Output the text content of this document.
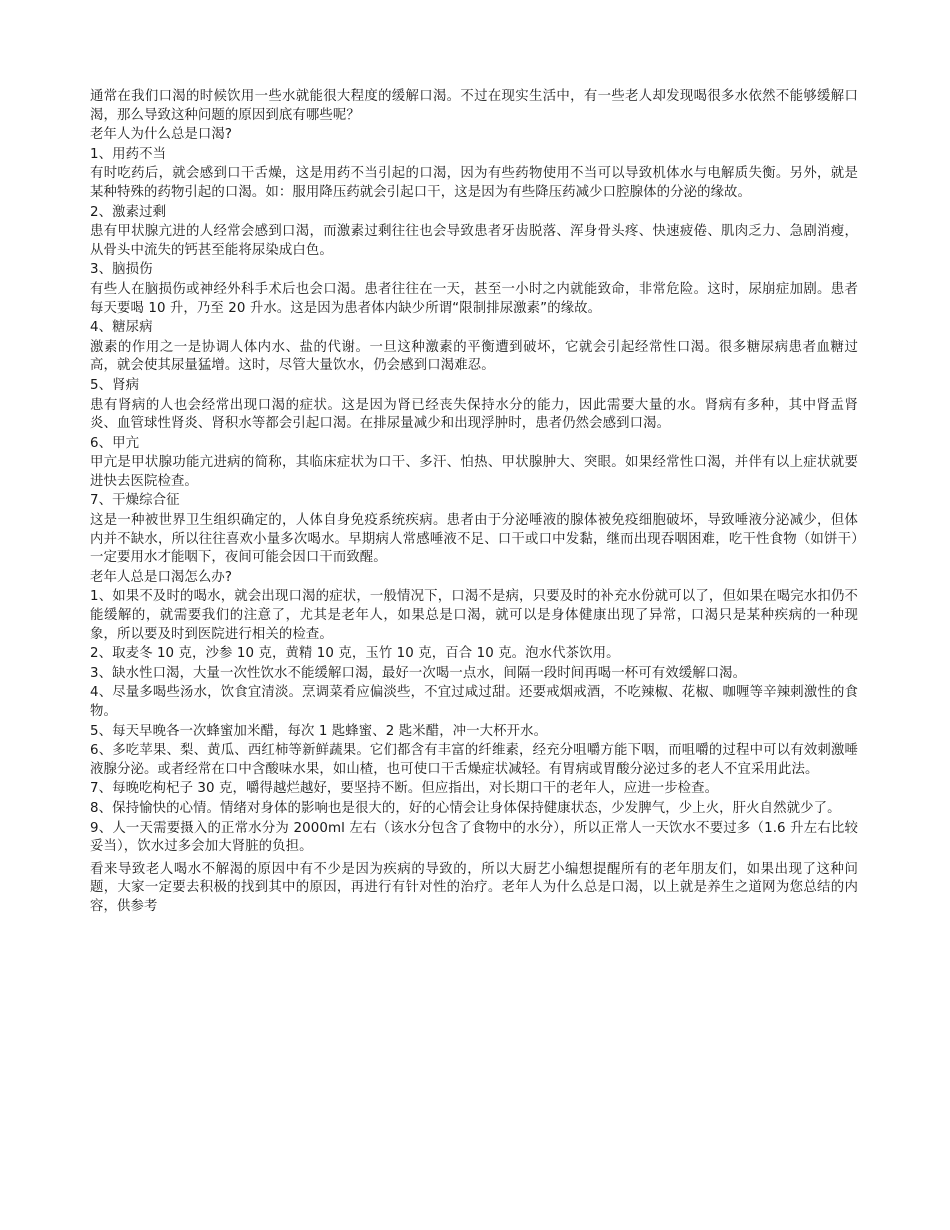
通常在我们口渴的时候饮用一些水就能很大程度的缓解口渴。不过在现实生活中，有一些老人却发现喝很多水依然不能够缓解口渴，那么导致这种问题的原因到底有哪些呢？

老年人为什么总是口渴?

1、用药不当

有时吃药后，就会感到口干舌燥，这是用药不当引起的口渴，因为有些药物使用不当可以导致机体水与电解质失衡。另外，就是某种特殊的药物引起的口渴。如：服用降压药就会引起口干，这是因为有些降压药减少口腔腺体的分泌的缘故。

2、激素过剩

患有甲状腺亢进的人经常会感到口渴，而激素过剩往往也会导致患者牙齿脱落、浑身骨头疼、快速疲倦、肌肉乏力、急剧消瘦，从骨头中流失的钙甚至能将尿染成白色。

3、脑损伤

有些人在脑损伤或神经外科手术后也会口渴。患者往往在一天，甚至一小时之内就能致命，非常危险。这时，尿崩症加剧。患者每天要喝 10 升，乃至 20 升水。这是因为患者体内缺少所谓“限制排尿激素”的缘故。

4、糖尿病

激素的作用之一是协调人体内水、盐的代谢。一旦这种激素的平衡遭到破坏，它就会引起经常性口渴。很多糖尿病患者血糖过高，就会使其尿量猛增。这时，尽管大量饮水，仍会感到口渴难忍。

5、肾病

患有肾病的人也会经常出现口渴的症状。这是因为肾已经丧失保持水分的能力，因此需要大量的水。肾病有多种，其中肾盂肾炎、血管球性肾炎、肾积水等都会引起口渴。在排尿量减少和出现浮肿时，患者仍然会感到口渴。

6、甲亢

甲亢是甲状腺功能亢进病的简称，其临床症状为口干、多汗、怕热、甲状腺肿大、突眼。如果经常性口渴，并伴有以上症状就要进快去医院检查。

7、干燥综合征

这是一种被世界卫生组织确定的，人体自身免疫系统疾病。患者由于分泌唾液的腺体被免疫细胞破坏，导致唾液分泌减少，但体内并不缺水，所以往往喜欢小量多次喝水。早期病人常感唾液不足、口干或口中发黏，继而出现吞咽困难，吃干性食物（如饼干）一定要用水才能咽下，夜间可能会因口干而致醒。

老年人总是口渴怎么办?

1、如果不及时的喝水，就会出现口渴的症状，一般情况下，口渴不是病，只要及时的补充水份就可以了，但如果在喝完水扣仍不能缓解的，就需要我们的注意了，尤其是老年人，如果总是口渴，就可以是身体健康出现了异常，口渴只是某种疾病的一种现象，所以要及时到医院进行相关的检查。

2、取麦冬 10 克，沙参 10 克，黄精 10 克，玉竹 10 克，百合 10 克。泡水代茶饮用。

3、缺水性口渴，大量一次性饮水不能缓解口渴，最好一次喝一点水，间隔一段时间再喝一杯可有效缓解口渴。

4、尽量多喝些汤水，饮食宜清淡。烹调菜肴应偏淡些，不宜过咸过甜。还要戒烟戒酒，不吃辣椒、花椒、咖喱等辛辣刺激性的食物。

5、每天早晚各一次蜂蜜加米醋，每次 1 匙蜂蜜、2 匙米醋，冲一大杯开水。

6、多吃苹果、梨、黄瓜、西红柿等新鲜蔬果。它们都含有丰富的纤维素，经充分咀嚼方能下咽，而咀嚼的过程中可以有效刺激唾液腺分泌。或者经常在口中含酸味水果，如山楂，也可使口干舌燥症状减轻。有胃病或胃酸分泌过多的老人不宜采用此法。

7、每晚吃枸杞子 30 克，嚼得越烂越好，要坚持不断。但应指出，对长期口干的老年人，应进一步检查。

8、保持愉快的心情。情绪对身体的影响也是很大的，好的心情会让身体保持健康状态，少发脾气，少上火，肝火自然就少了。

9、人一天需要摄入的正常水分为 2000ml 左右（该水分包含了食物中的水分），所以正常人一天饮水不要过多（1.6 升左右比较妥当），饮水过多会加大肾脏的负担。

看来导致老人喝水不解渴的原因中有不少是因为疾病的导致的，所以大厨艺小编想提醒所有的老年朋友们，如果出现了这种问题，大家一定要去积极的找到其中的原因，再进行有针对性的治疗。老年人为什么总是口渴，以上就是养生之道网为您总结的内容，供参考
